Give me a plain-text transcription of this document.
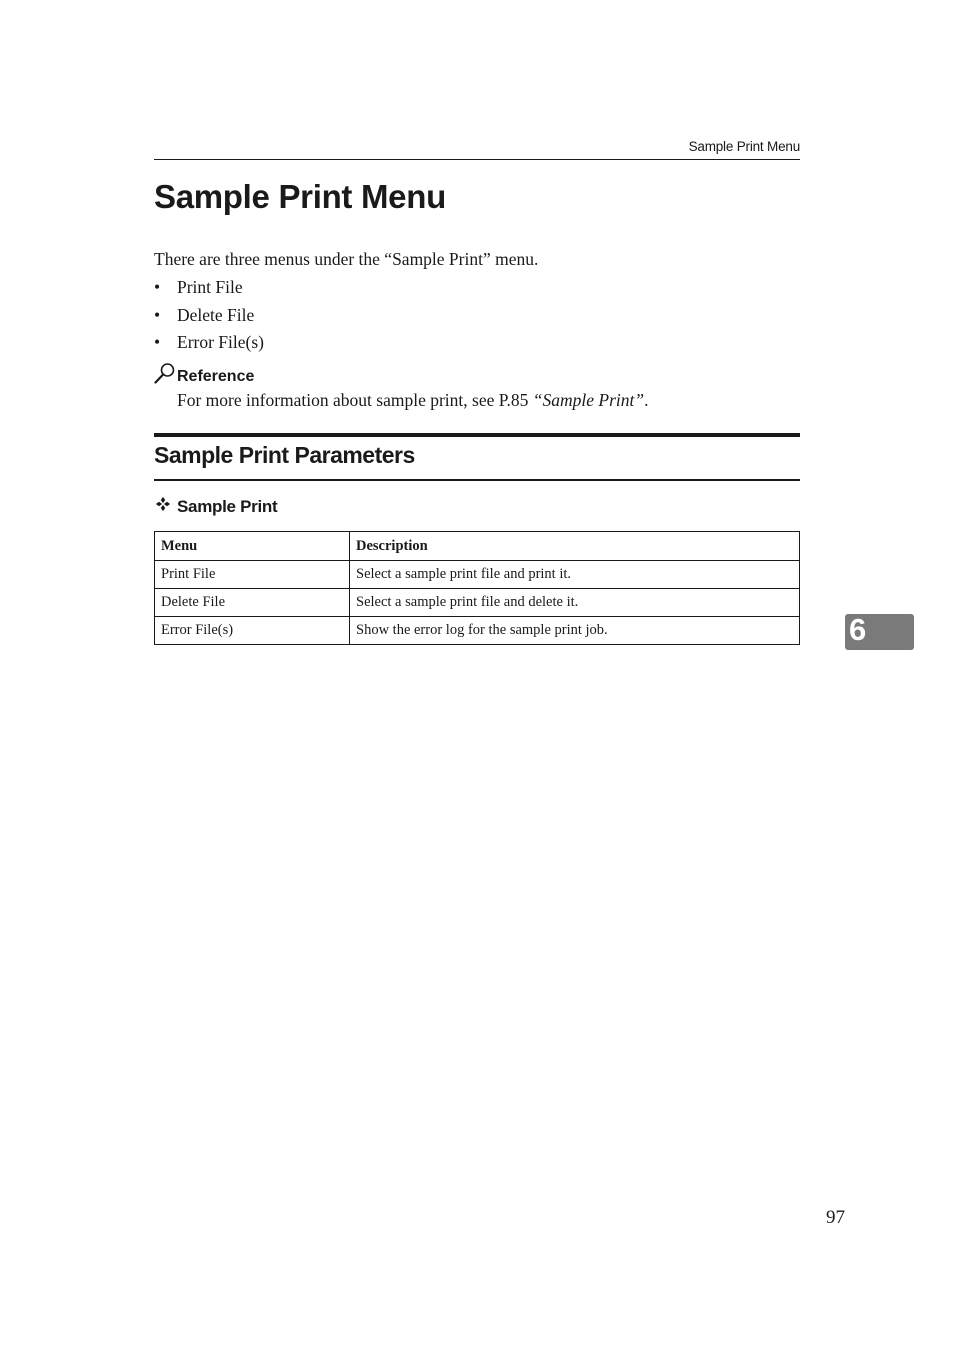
Sample Print Menu
Sample Print Menu
There are three menus under the “Sample Print” menu.
• Print File
• Delete File
• Error File(s)
Reference
For more information about sample print, see P.85 “Sample Print”.
Sample Print Parameters
Sample Print
Menu	Description
Print File	Select a sample print file and print it.
Delete File	Select a sample print file and delete it.
Error File(s)	Show the error log for the sample print job.	6
97
